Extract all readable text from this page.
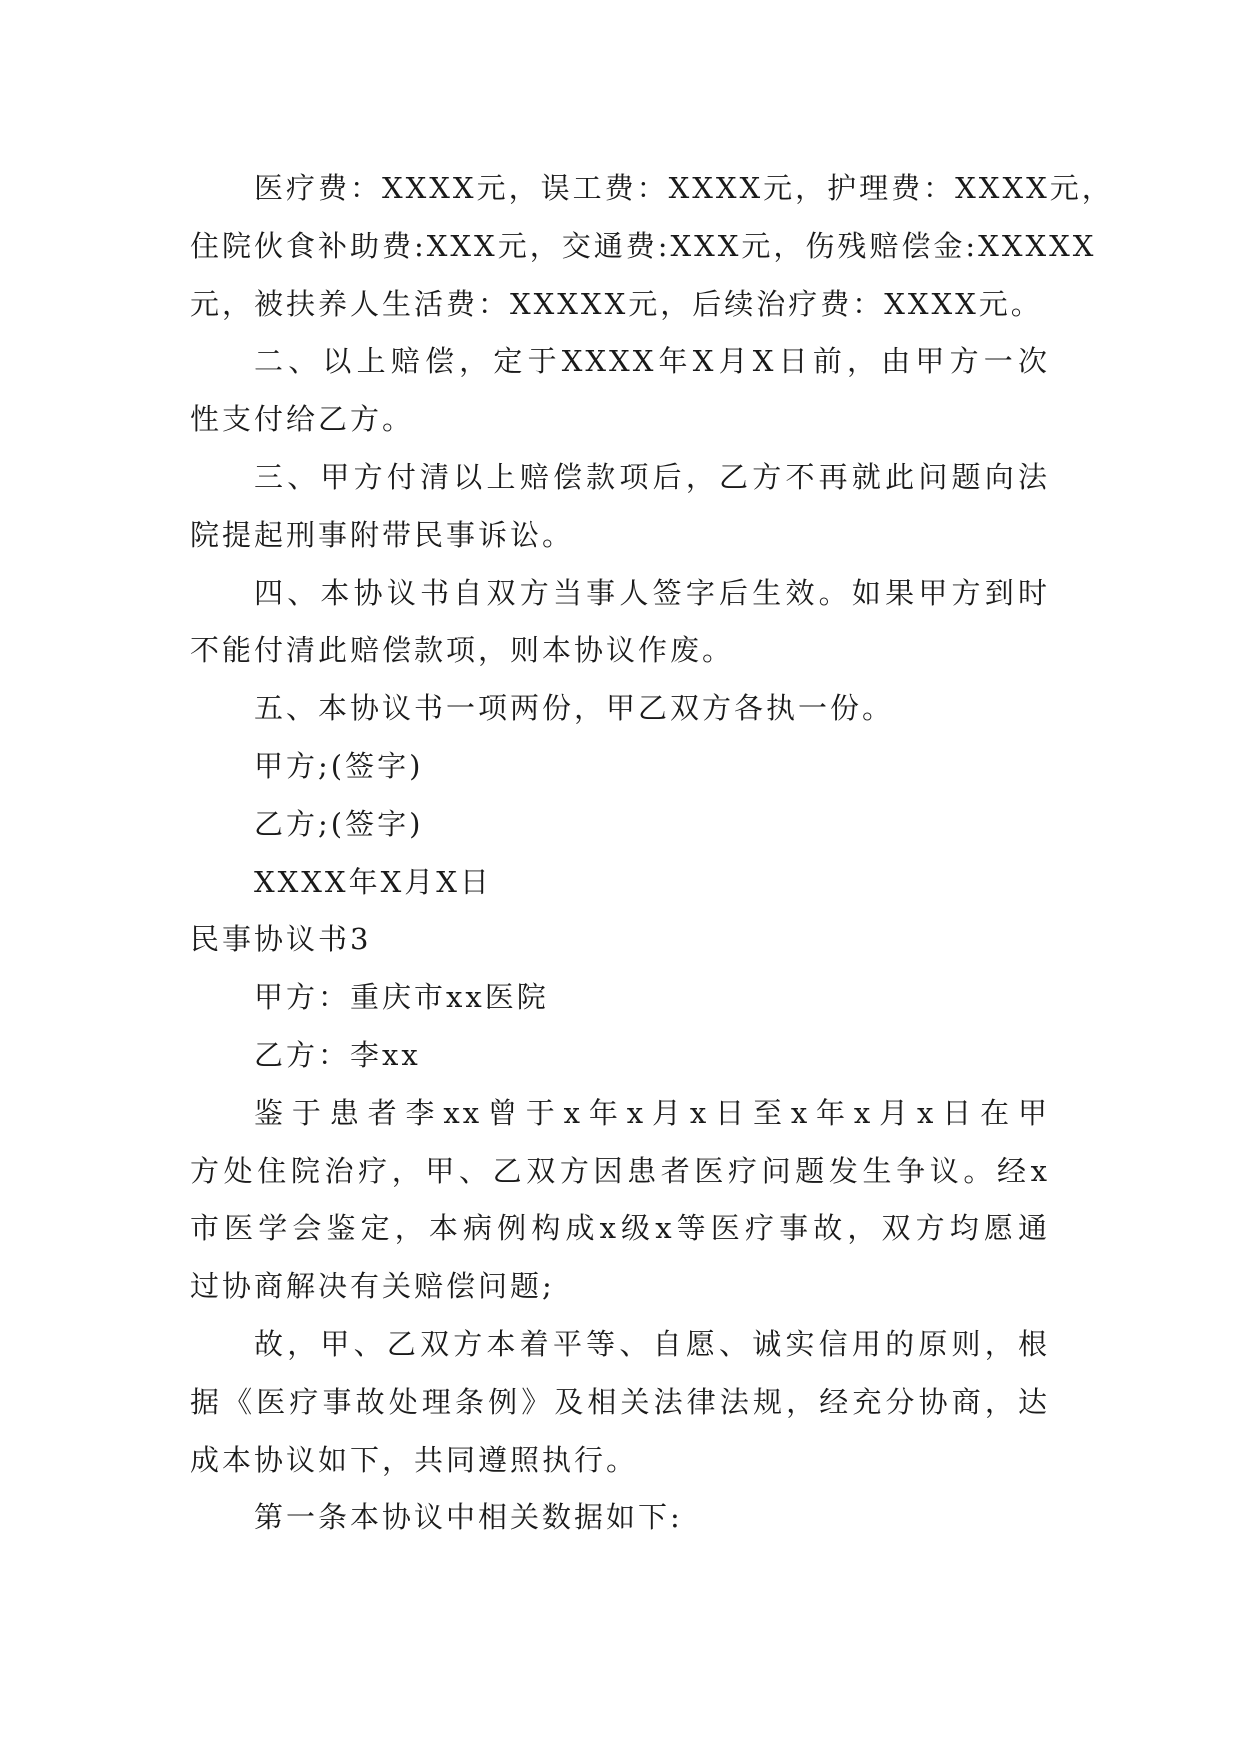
医疗费：XXXX元，误工费：XXXX元，护理费：XXXX元，
住院伙食补助费:XXX元，交通费:XXX元，伤残赔偿金:XXXXX
元，被扶养人生活费：XXXXX元，后续治疗费：XXXX元。
二、以上赔偿，定于XXXX年X月X日前，由甲方一次
性支付给乙方。
三、甲方付清以上赔偿款项后，乙方不再就此问题向法
院提起刑事附带民事诉讼。
四、本协议书自双方当事人签字后生效。如果甲方到时
不能付清此赔偿款项，则本协议作废。
五、本协议书一项两份，甲乙双方各执一份。
甲方;(签字)
乙方;(签字)
XXXX年X月X日
民事协议书3
甲方：重庆市xx医院
乙方：李xx
鉴于患者李xx曾于x年x月x日至x年x月x日在甲
方处住院治疗，甲、乙双方因患者医疗问题发生争议。经x
市医学会鉴定，本病例构成x级x等医疗事故，双方均愿通
过协商解决有关赔偿问题;
故，甲、乙双方本着平等、自愿、诚实信用的原则，根
据《医疗事故处理条例》及相关法律法规，经充分协商，达
成本协议如下，共同遵照执行。
第一条本协议中相关数据如下:
